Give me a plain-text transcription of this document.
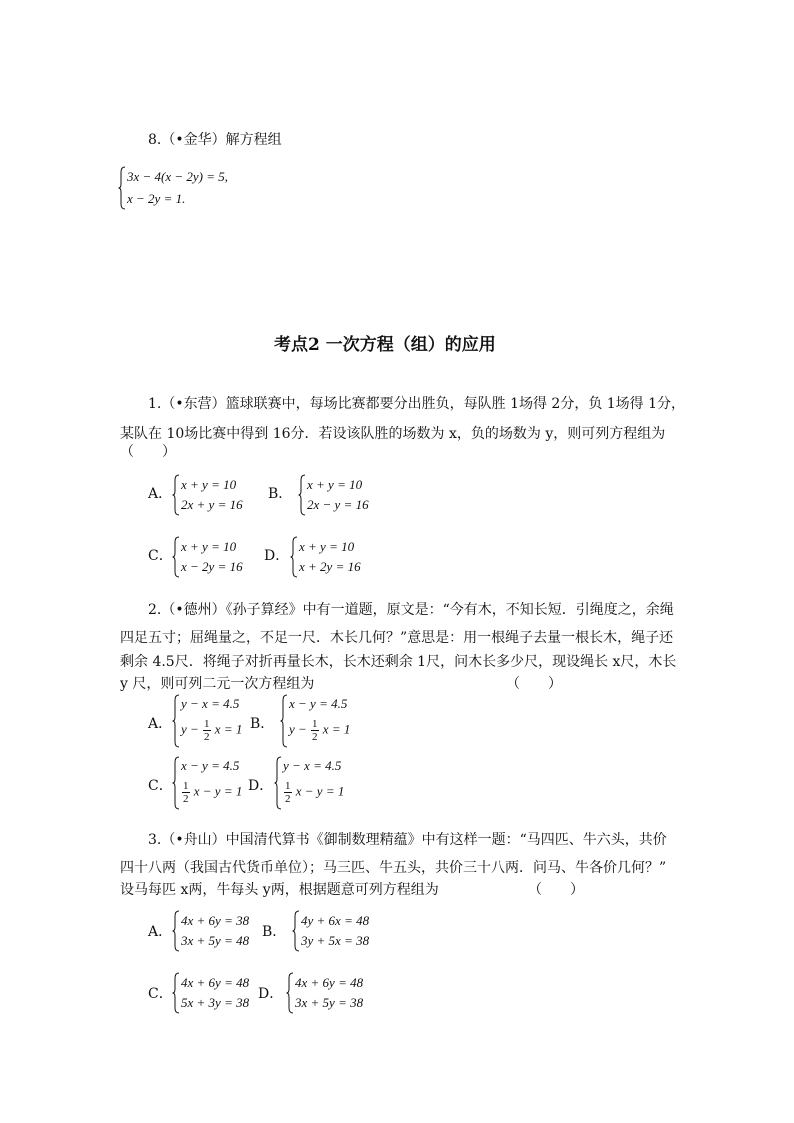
8.（•金华）解方程组
3x − 4(x − 2y) = 5,
x − 2y = 1.
考点2 一次方程（组）的应用
1.（•东营）篮球联赛中，每场比赛都要分出胜负，每队胜 1场得 2分，负 1场得 1分，
某队在 10场比赛中得到 16分．若设该队胜的场数为 x，负的场数为 y，则可列方程组为
（　　）
A．
x + y = 10
2x + y = 16
B．
x + y = 10
2x − y = 16
C．
x + y = 10
x − 2y = 16
D．
x + y = 10
x + 2y = 16
2.（•德州）《孙子算经》中有一道题，原文是：“今有木，不知长短．引绳度之，余绳
四足五寸；屈绳量之，不足一尺．木长几何？”意思是：用一根绳子去量一根长木，绳子还
剩余 4.5尺．将绳子对折再量长木，长木还剩余 1尺，问木长多少尺，现设绳长 x尺，木长
y 尺，则可列二元一次方程组为	（　　）
A．
y − x = 4.5
$y - \frac{1}{2}$ x = 1 B．
x − y = 4.5
$y - \frac{1}{2}$ x = 1
C．
x − y = 4.5
$\frac{1}{2}$ x − y = 1 D．
y − x = 4.5
$\frac{1}{2}$ x − y = 1
3.（•舟山）中国清代算书《御制数理精蕴》中有这样一题：“马四匹、牛六头，共价
四十八两（我国古代货币单位）；马三匹、牛五头，共价三十八两．问马、牛各价几何？”
设马每匹 x两，牛每头 y两，根据题意可列方程组为	（　　）
A．
4x + 6y = 38
3x + 5y = 48
B．
4y + 6x = 48
3y + 5x = 38
C．
4x + 6y = 48
5x + 3y = 38
D．
4x + 6y = 48
3x + 5y = 38
